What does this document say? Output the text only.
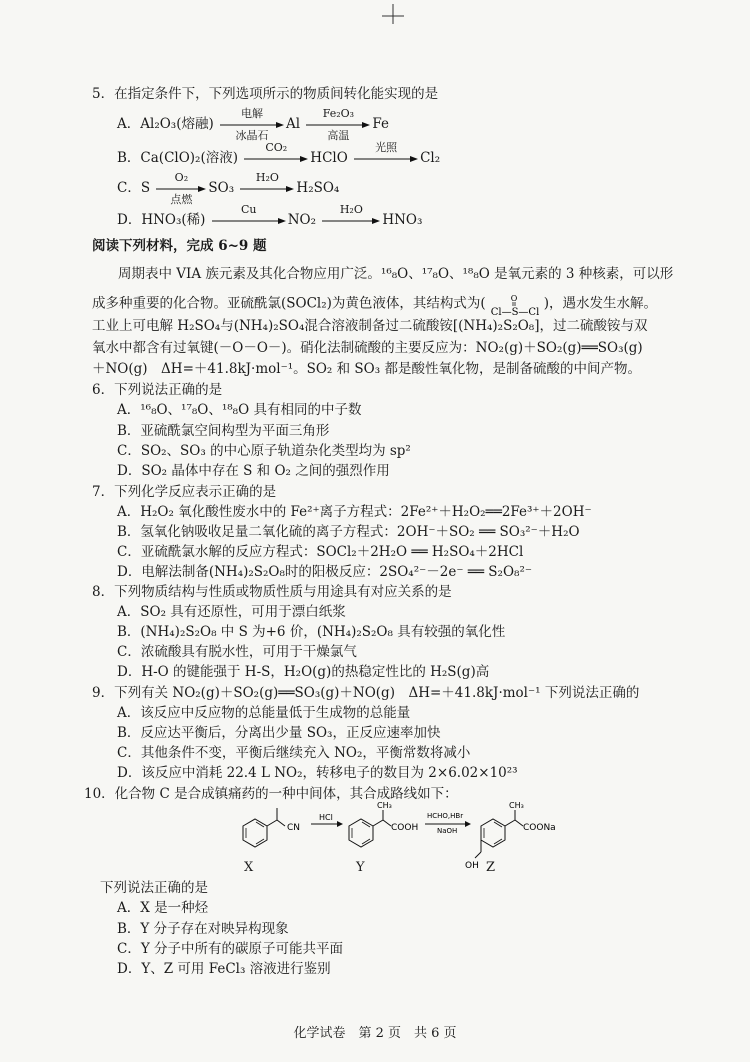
5．在指定条件下，下列选项所示的物质间转化能实现的是
A．Al₂O₃(熔融)
电解
冰晶石
Al
Fe₂O₃
高温
Fe
B．Ca(ClO)₂(溶液)
CO₂
HClO
光照
Cl₂
C．S
O₂
点燃
SO₃
H₂O
H₂SO₄
D．HNO₃(稀)
Cu
NO₂
H₂O
HNO₃
阅读下列材料，完成 6~9 题
周期表中 VIA 族元素及其化合物应用广泛。¹⁶₈O、¹⁷₈O、¹⁸₈O 是氧元素的 3 种核素，可以形
成多种重要的化合物。亚硫酰氯(SOCl₂)为黄色液体，其结构式为(	O
Cl—S—Cl
)，遇水发生水解。
工业上可电解 H₂SO₄与(NH₄)₂SO₄混合溶液制备过二硫酸铵[(NH₄)₂S₂O₈]，过二硫酸铵与双
氧水中都含有过氧键(－O－O－)。硝化法制硫酸的主要反应为：NO₂(g)＋SO₂(g)══SO₃(g)
＋NO(g)　ΔH=＋41.8kJ·mol⁻¹。SO₂ 和 SO₃ 都是酸性氧化物，是制备硫酸的中间产物。
6．下列说法正确的是
A．¹⁶₈O、¹⁷₈O、¹⁸₈O 具有相同的中子数
B．亚硫酰氯空间构型为平面三角形
C．SO₂、SO₃ 的中心原子轨道杂化类型均为 sp²
D．SO₂ 晶体中存在 S 和 O₂ 之间的强烈作用
7．下列化学反应表示正确的是
A．H₂O₂ 氧化酸性废水中的 Fe²⁺离子方程式：2Fe²⁺＋H₂O₂══2Fe³⁺＋2OH⁻
B．氢氧化钠吸收足量二氧化硫的离子方程式：2OH⁻＋SO₂ ══ SO₃²⁻＋H₂O
C．亚硫酰氯水解的反应方程式：SOCl₂＋2H₂O ══ H₂SO₄＋2HCl
D．电解法制备(NH₄)₂S₂O₈时的阳极反应：2SO₄²⁻－2e⁻ ══ S₂O₈²⁻
8．下列物质结构与性质或物质性质与用途具有对应关系的是
A．SO₂ 具有还原性，可用于漂白纸浆
B．(NH₄)₂S₂O₈ 中 S 为+6 价，(NH₄)₂S₂O₈ 具有较强的氧化性
C．浓硫酸具有脱水性，可用于干燥氯气
D．H-O 的键能强于 H-S，H₂O(g)的热稳定性比的 H₂S(g)高
9．下列有关 NO₂(g)＋SO₂(g)══SO₃(g)＋NO(g)　ΔH=＋41.8kJ·mol⁻¹ 下列说法正确的
A．该反应中反应物的总能量低于生成物的总能量
B．反应达平衡后，分离出少量 SO₃，正反应速率加快
C．其他条件不变，平衡后继续充入 NO₂，平衡常数将减小
D．该反应中消耗 22.4 L NO₂，转移电子的数目为 2×6.02×10²³
10．化合物 C 是合成镇痛药的一种中间体，其合成路线如下：
CN
HCl
CH₃
COOH
HCHO,HBr
NaOH
CH₃
COONa
OH
X	Y	Z
下列说法正确的是
A．X 是一种烃
B．Y 分子存在对映异构现象
C．Y 分子中所有的碳原子可能共平面
D．Y、Z 可用 FeCl₃ 溶液进行鉴别
化学试卷　第 2 页　共 6 页
